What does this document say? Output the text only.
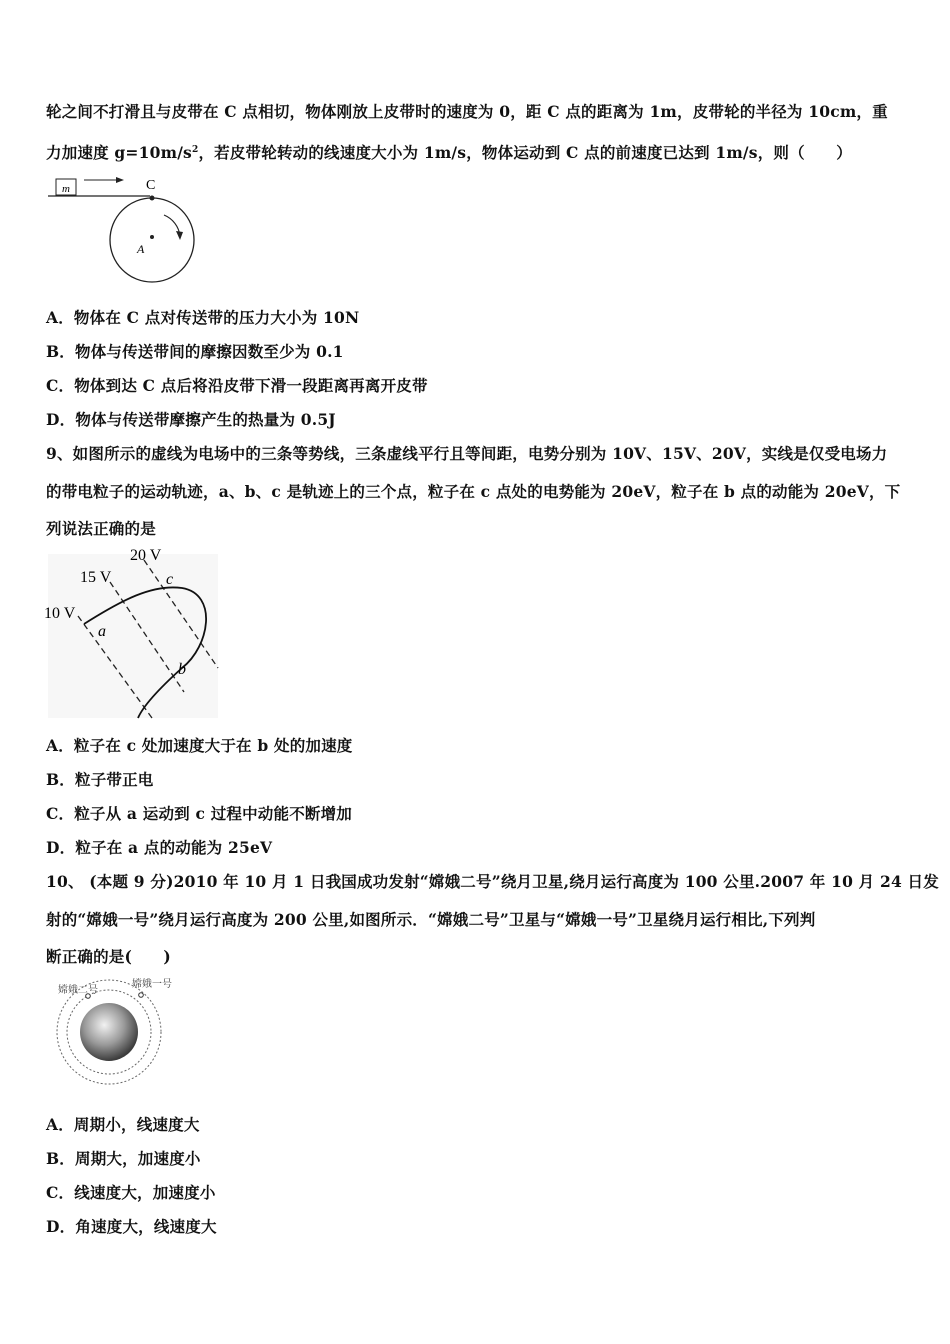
轮之间不打滑且与皮带在 C 点相切，物体刚放上皮带时的速度为 0，距 C 点的距离为 1m，皮带轮的半径为 10cm，重
力加速度 $g=10m/s^2$，若皮带轮转动的线速度大小为 1m/s，物体运动到 C 点的前速度已达到 1m/s，则（　　）
m	C
A
A．物体在 C 点对传送带的压力大小为 10N
B．物体与传送带间的摩擦因数至少为 0.1
C．物体到达 C 点后将沿皮带下滑一段距离再离开皮带
D．物体与传送带摩擦产生的热量为 0.5J
9、如图所示的虚线为电场中的三条等势线，三条虚线平行且等间距，电势分别为 10V、15V、20V，实线是仅受电场力
的带电粒子的运动轨迹，a、b、c 是轨迹上的三个点，粒子在 c 点处的电势能为 20eV，粒子在 b 点的动能为 20eV，下
列说法正确的是
20 V
15 V
10 V
a
b
c
A．粒子在 c 处加速度大于在 b 处的加速度
B．粒子带正电
C．粒子从 a 运动到 c 过程中动能不断增加
D．粒子在 a 点的动能为 25eV
10、 (本题 9 分)2010 年 10 月 1 日我国成功发射“嫦娥二号”绕月卫星,绕月运行高度为 100 公里.2007 年 10 月 24 日发
射的“嫦娥一号”绕月运行高度为 200 公里,如图所示．“嫦娥二号”卫星与“嫦娥一号”卫星绕月运行相比,下列判
断正确的是(　　)
嫦娥二号
嫦娥一号
A．周期小，线速度大
B．周期大，加速度小
C．线速度大，加速度小
D．角速度大，线速度大
